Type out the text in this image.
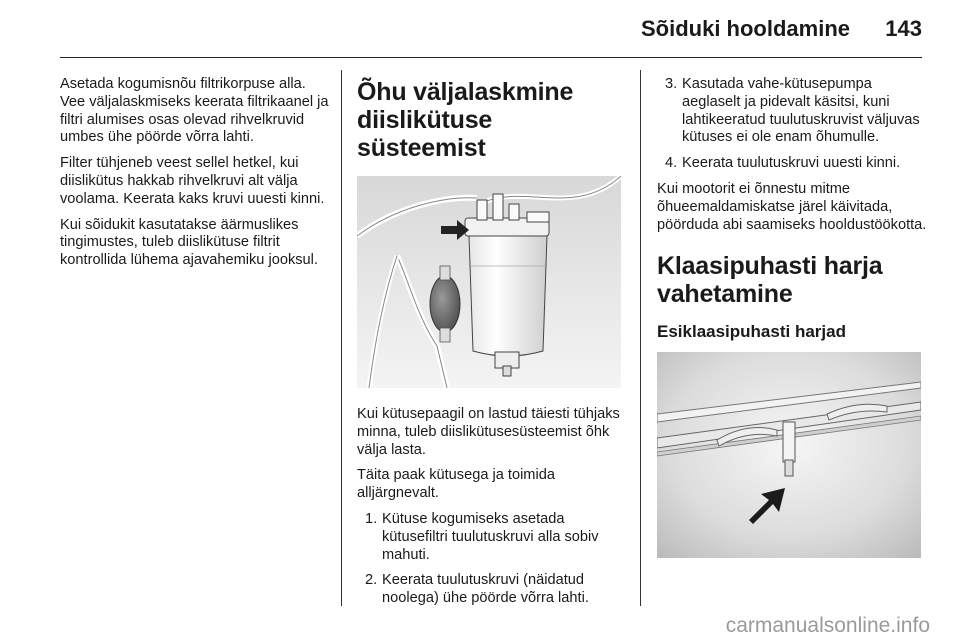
Sõiduki hooldamine	143

Asetada kogumisnõu filtrikorpuse alla. Vee väljalaskmiseks keerata filtrikaanel ja filtri alumises osas olevad rihvelkruvid umbes ühe pöörde võrra lahti.

Filter tühjeneb veest sellel hetkel, kui diislikütus hakkab rihvelkruvi alt välja voolama. Keerata kaks kruvi uuesti kinni.

Kui sõidukit kasutatakse äärmuslikes tingimustes, tuleb diislikütuse filtrit kontrollida lühema ajavahemiku jooksul.

Õhu väljalaskmine diislikütuse süsteemist

Kui kütusepaagil on lastud täiesti tühjaks minna, tuleb diislikütusesüsteemist õhk välja lasta.

Täita paak kütusega ja toimida alljärgnevalt.

1. Kütuse kogumiseks asetada kütusefiltri tuulutuskruvi alla sobiv mahuti.
2. Keerata tuulutuskruvi (näidatud noolega) ühe pöörde võrra lahti.
3. Kasutada vahe-kütusepumpa aeglaselt ja pidevalt käsitsi, kuni lahtikeeratud tuulutuskruvist väljuvas kütuses ei ole enam õhumulle.
4. Keerata tuulutuskruvi uuesti kinni.

Kui mootorit ei õnnestu mitme õhueemaldamiskatse järel käivitada, pöörduda abi saamiseks hooldustöökotta.

Klaasipuhasti harja vahetamine
Esiklaasipuhasti harjad
carmanualsonline.info
